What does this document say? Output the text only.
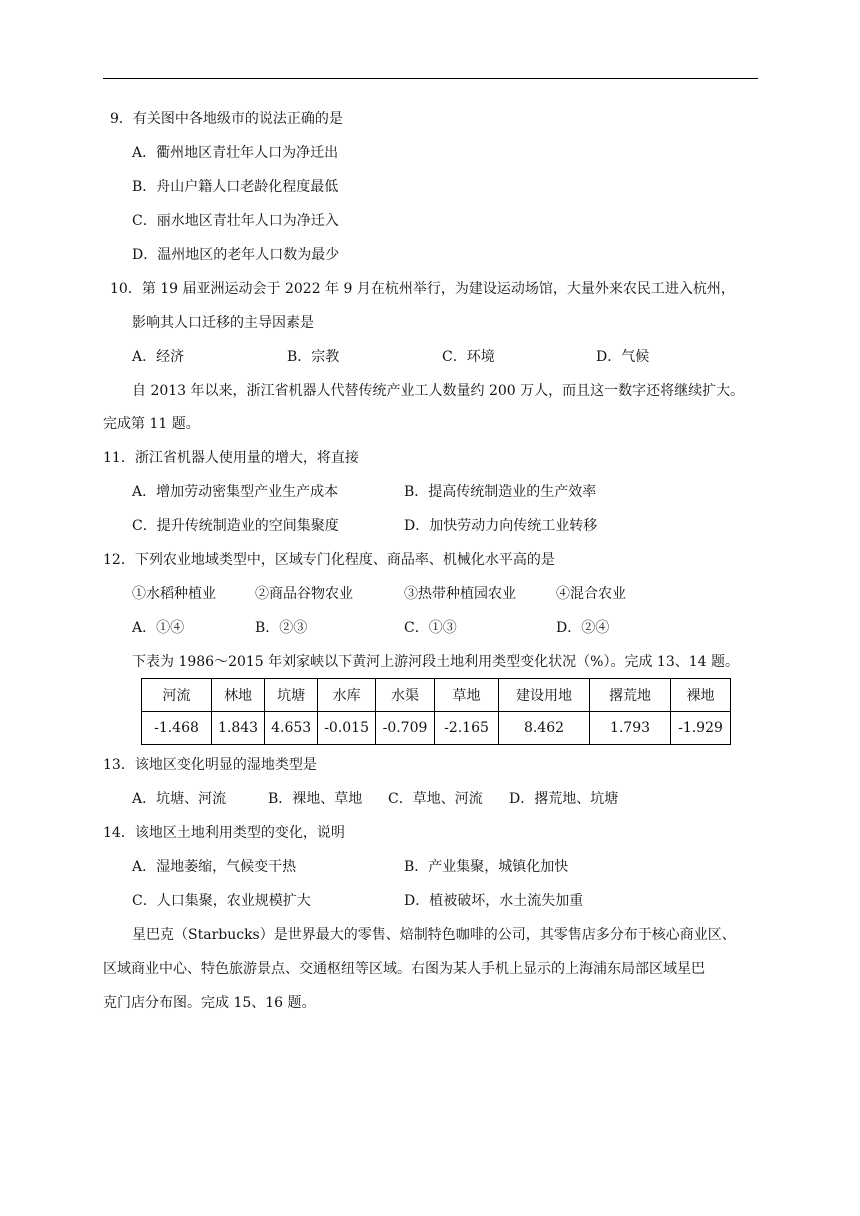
9．有关图中各地级市的说法正确的是
A．衢州地区青壮年人口为净迁出
B．舟山户籍人口老龄化程度最低
C．丽水地区青壮年人口为净迁入
D．温州地区的老年人口数为最少
10．第 19 届亚洲运动会于 2022 年 9 月在杭州举行，为建设运动场馆，大量外来农民工进入杭州，
影响其人口迁移的主导因素是
A．经济	B．宗教	C．环境	D．气候
自 2013 年以来，浙江省机器人代替传统产业工人数量约 200 万人，而且这一数字还将继续扩大。
完成第 11 题。
11．浙江省机器人使用量的增大，将直接
A．增加劳动密集型产业生产成本	B．提高传统制造业的生产效率
C．提升传统制造业的空间集聚度	D．加快劳动力向传统工业转移
12．下列农业地域类型中，区域专门化程度、商品率、机械化水平高的是
①水稻种植业	②商品谷物农业	③热带种植园农业	④混合农业
A．①④	B．②③	C．①③	D．②④
下表为 1986～2015 年刘家峡以下黄河上游河段土地利用类型变化状况（%）。完成 13、14 题。
河流	林地	坑塘	水库	水渠	草地	建设用地	撂荒地	裸地
-1.468	1.843	4.653	-0.015	-0.709	-2.165	8.462	1.793	-1.929
13．该地区变化明显的湿地类型是
A．坑塘、河流	B．裸地、草地 C．草地、河流 D．撂荒地、坑塘
14．该地区土地利用类型的变化，说明
A．湿地萎缩，气候变干热	B．产业集聚，城镇化加快
C．人口集聚，农业规模扩大	D．植被破坏，水土流失加重
星巴克（Starbucks）是世界最大的零售、焙制特色咖啡的公司，其零售店多分布于核心商业区、
区域商业中心、特色旅游景点、交通枢纽等区域。右图为某人手机上显示的上海浦东局部区域星巴
克门店分布图。完成 15、16 题。
